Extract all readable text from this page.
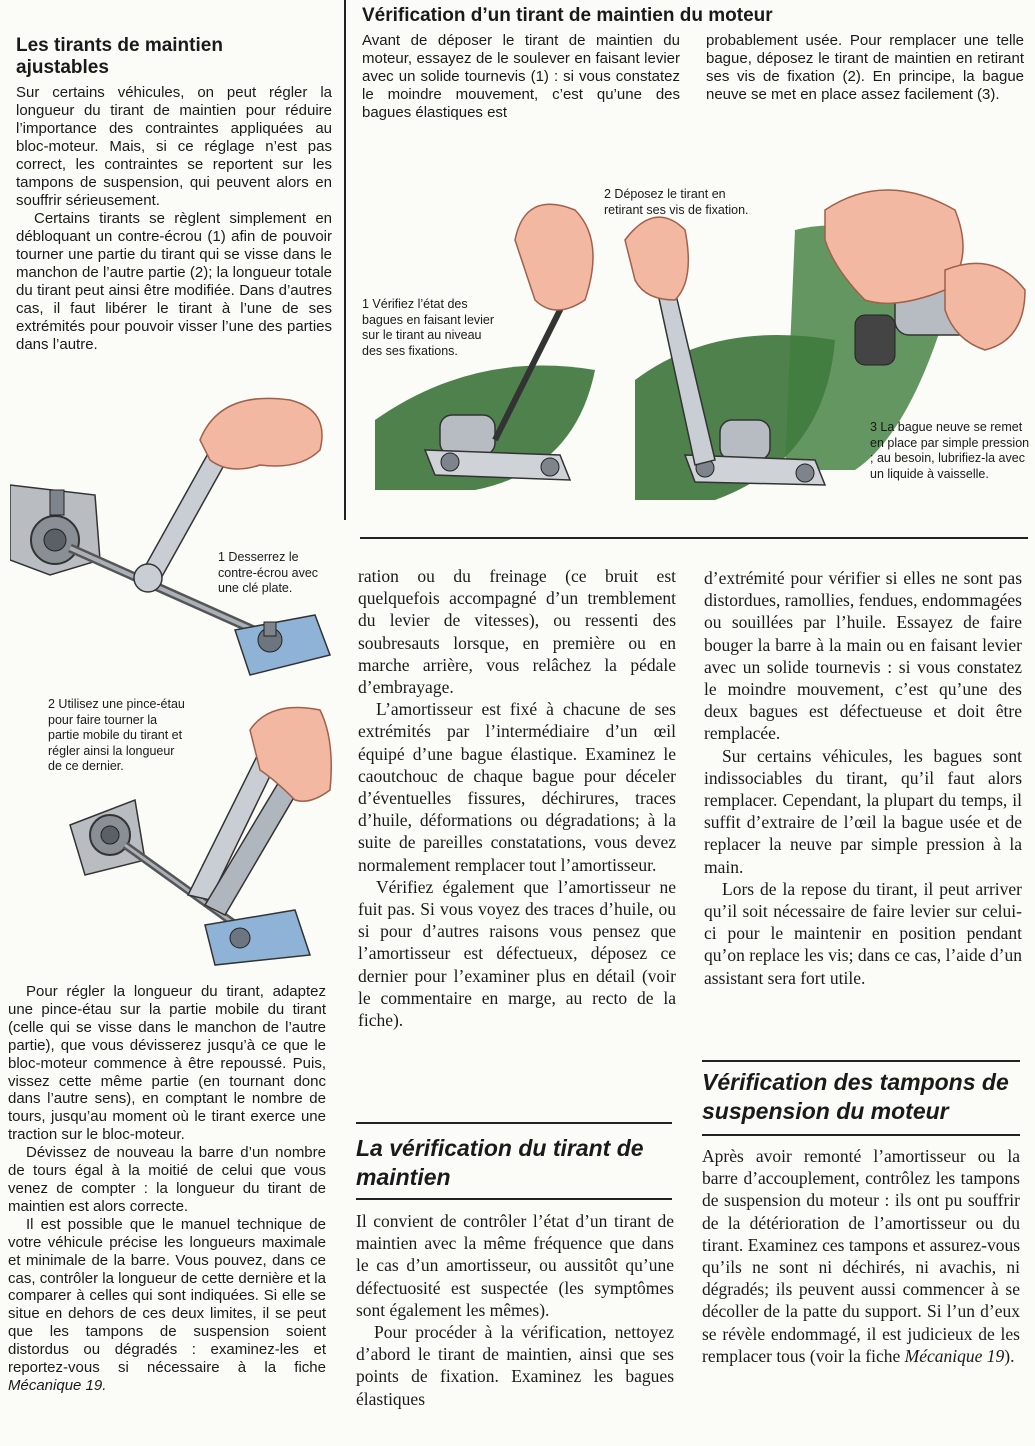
Les tirants de maintien ajustables

Sur certains véhicules, on peut régler la longueur du tirant de maintien pour réduire l’importance des contraintes appliquées au bloc-moteur. Mais, si ce réglage n’est pas correct, les contraintes se reportent sur les tampons de suspension, qui peuvent alors en souffrir sérieusement.

Certains tirants se règlent simplement en débloquant un contre-écrou (1) afin de pouvoir tourner une partie du tirant qui se visse dans le manchon de l’autre partie (2); la longueur totale du tirant peut ainsi être modifiée. Dans d’autres cas, il faut libérer le tirant à l’une de ses extrémités pour pouvoir visser l’une des parties dans l’autre.

1 Desserrez le contre-écrou avec une clé plate.
2 Utilisez une pince-étau pour faire tourner la partie mobile du tirant et régler ainsi la longueur de ce dernier.

Pour régler la longueur du tirant, adaptez une pince-étau sur la partie mobile du tirant (celle qui se visse dans le manchon de l’autre partie), que vous dévisserez jusqu’à ce que le bloc-moteur commence à être repoussé. Puis, vissez cette même partie (en tournant donc dans l’autre sens), en comptant le nombre de tours, jusqu’au moment où le tirant exerce une traction sur le bloc-moteur.

Dévissez de nouveau la barre d’un nombre de tours égal à la moitié de celui que vous venez de compter : la longueur du tirant de maintien est alors correcte.

Il est possible que le manuel technique de votre véhicule précise les longueurs maximale et minimale de la barre. Vous pouvez, dans ce cas, contrôler la longueur de cette dernière et la comparer à celles qui sont indiquées. Si elle se situe en dehors de ces deux limites, il se peut que les tampons de suspension soient distordus ou dégradés : examinez-les et reportez-vous si nécessaire à la fiche Mécanique 19.

Vérification d’un tirant de maintien du moteur
Avant de déposer le tirant de maintien du moteur, essayez de le soulever en faisant levier avec un solide tournevis (1) : si vous constatez le moindre mouvement, c’est qu’une des bagues élastiques est
probablement usée. Pour remplacer une telle bague, déposez le tirant de maintien en retirant ses vis de fixation (2). En principe, la bague neuve se met en place assez facilement (3).
1 Vérifiez l’état des bagues en faisant levier sur le tirant au niveau des ses fixations.
2 Déposez le tirant en retirant ses vis de fixation.
3 La bague neuve se remet en place par simple pression ; au besoin, lubrifiez-la avec un liquide à vaisselle.

ration ou du freinage (ce bruit est quelquefois accompagné d’un tremblement du levier de vitesses), ou ressenti des soubresauts lorsque, en première ou en marche arrière, vous relâchez la pédale d’embrayage.

L’amortisseur est fixé à chacune de ses extrémités par l’intermédiaire d’un œil équipé d’une bague élastique. Examinez le caoutchouc de chaque bague pour déceler d’éventuelles fissures, déchirures, traces d’huile, déformations ou dégradations; à la suite de pareilles constatations, vous devez normalement remplacer tout l’amortisseur.

Vérifiez également que l’amortisseur ne fuit pas. Si vous voyez des traces d’huile, ou si pour d’autres raisons vous pensez que l’amortisseur est défectueux, déposez ce dernier pour l’examiner plus en détail (voir le commentaire en marge, au recto de la fiche).

La vérification du tirant de maintien

Il convient de contrôler l’état d’un tirant de maintien avec la même fréquence que dans le cas d’un amortisseur, ou aussitôt qu’une défectuosité est suspectée (les symptômes sont également les mêmes).

Pour procéder à la vérification, nettoyez d’abord le tirant de maintien, ainsi que ses points de fixation. Examinez les bagues élastiques

d’extrémité pour vérifier si elles ne sont pas distordues, ramollies, fendues, endommagées ou souillées par l’huile. Essayez de faire bouger la barre à la main ou en faisant levier avec un solide tournevis : si vous constatez le moindre mouvement, c’est qu’une des deux bagues est défectueuse et doit être remplacée.

Sur certains véhicules, les bagues sont indissociables du tirant, qu’il faut alors remplacer. Cependant, la plupart du temps, il suffit d’extraire de l’œil la bague usée et de replacer la neuve par simple pression à la main.

Lors de la repose du tirant, il peut arriver qu’il soit nécessaire de faire levier sur celui-ci pour le maintenir en position pendant qu’on replace les vis; dans ce cas, l’aide d’un assistant sera fort utile.

Vérification des tampons de suspension du moteur

Après avoir remonté l’amortisseur ou la barre d’accouplement, contrôlez les tampons de suspension du moteur : ils ont pu souffrir de la détérioration de l’amortisseur ou du tirant. Examinez ces tampons et assurez-vous qu’ils ne sont ni déchirés, ni avachis, ni dégradés; ils peuvent aussi commencer à se décoller de la patte du support. Si l’un d’eux se révèle endommagé, il est judicieux de les remplacer tous (voir la fiche Mécanique 19).
